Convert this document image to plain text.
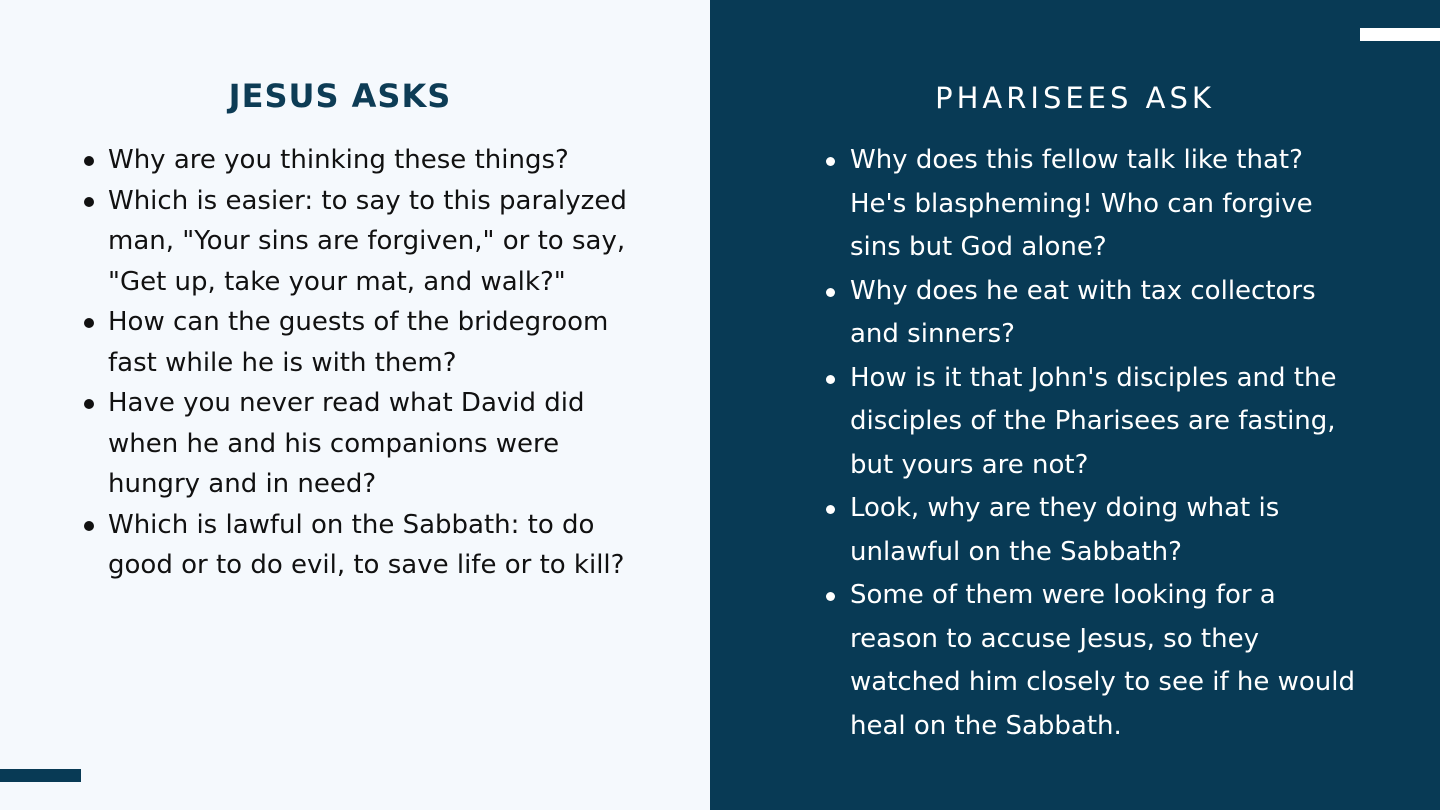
JESUS ASKS
Why are you thinking these things?
Which is easier: to say to this paralyzed man, "Your sins are forgiven," or to say, "Get up, take your mat, and walk?"
How can the guests of the bridegroom fast while he is with them?
Have you never read what David did when he and his companions were hungry and in need?
Which is lawful on the Sabbath: to do good or to do evil, to save life or to kill?
PHARISEES ASK
Why does this fellow talk like that? He's blaspheming! Who can forgive sins but God alone?
Why does he eat with tax collectors and sinners?
How is it that John's disciples and the disciples of the Pharisees are fasting, but yours are not?
Look, why are they doing what is unlawful on the Sabbath?
Some of them were looking for a reason to accuse Jesus, so they watched him closely to see if he would heal on the Sabbath.
